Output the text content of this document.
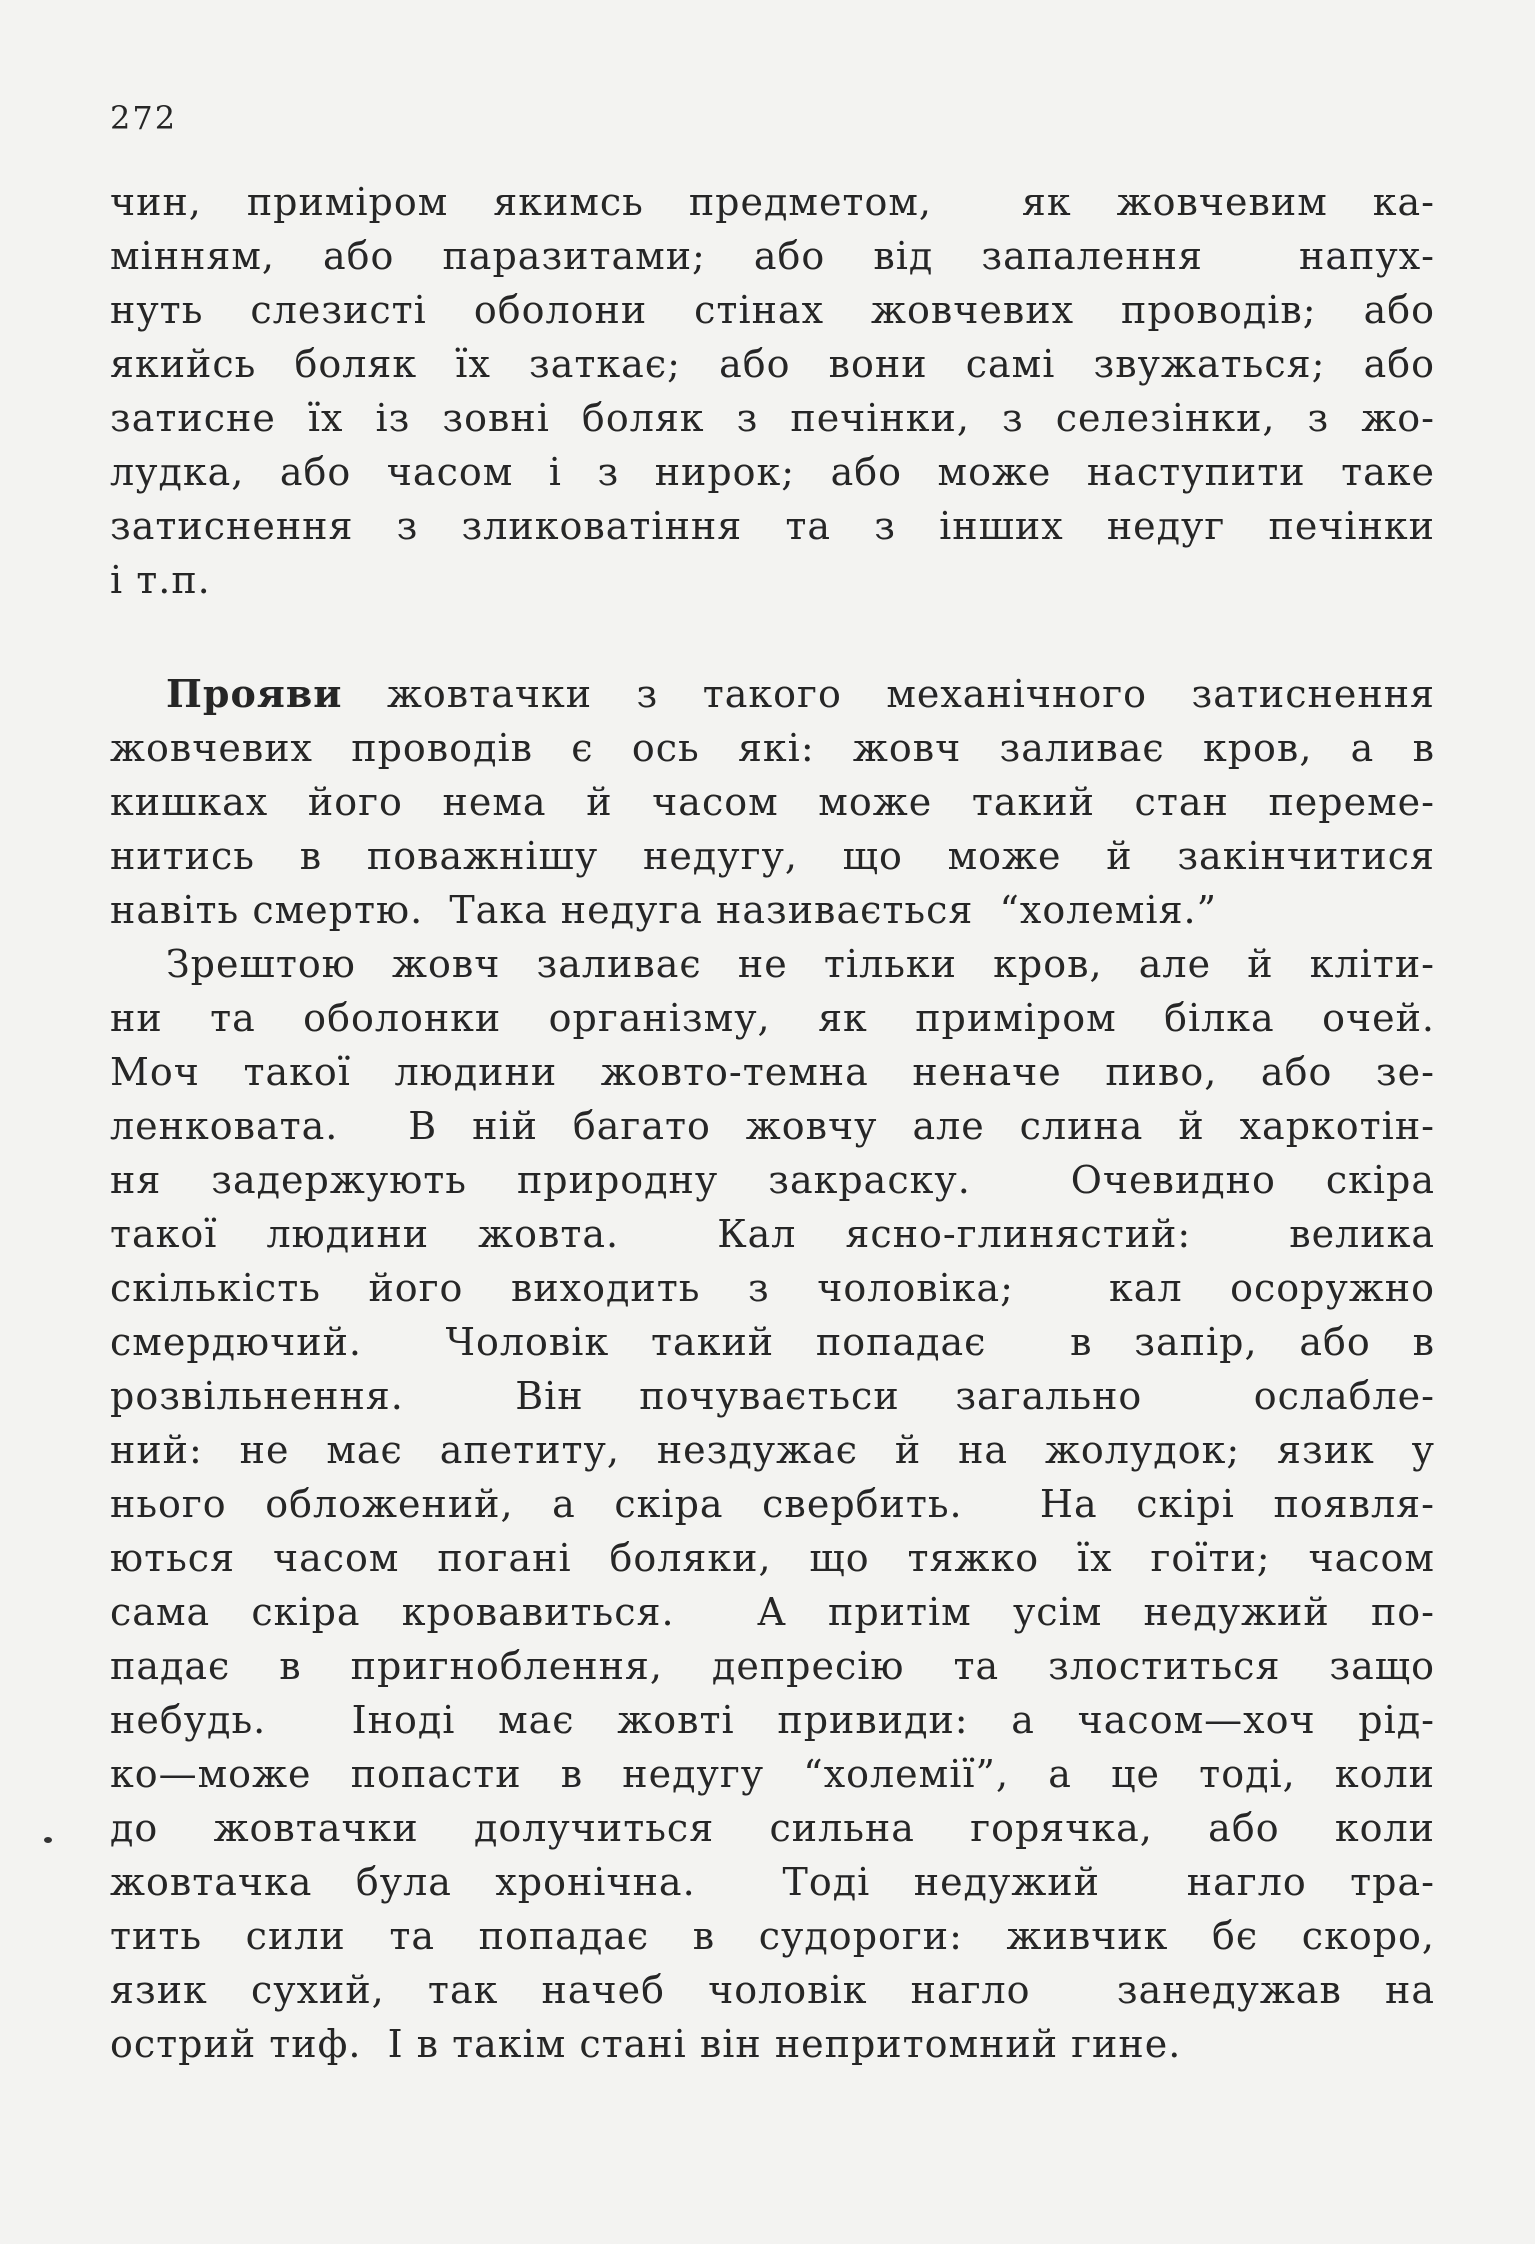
272
чин, приміром якимсь предметом,  як жовчевим ка-
мінням, або паразитами; або від запалення  напух-
нуть слезисті оболони стінах жовчевих проводів; або
якийсь боляк їх заткає; або вони самі звужаться; або
затисне їх із зовні боляк з печінки, з селезінки, з жо-
лудка, або часом і з нирок; або може наступити таке
затиснення з зликоватіння та з інших недуг печінки
і т.п.
Прояви жовтачки з такого механічного затиснення
жовчевих проводів є ось які: жовч заливає кров, а в
кишках його нема й часом може такий стан переме-
нитись в поважнішу недугу, що може й закінчитися
навіть смертю.  Така недуга називається  “холемія.”
Зрештою жовч заливає не тільки кров, але й кліти-
ни та оболонки організму, як приміром білка очей.
Моч такої людини жовто-темна неначе пиво, або зе-
ленковата.  В ній багато жовчу але слина й харкотін-
ня задержують природну закраску.  Очевидно скіра
такої людини жовта.  Кал ясно-глинястий:  велика
скількість його виходить з чоловіка;  кал осоружно
смердючий.  Чоловік такий попадає  в запір, або в
розвільнення.  Він почуваєтьси загально  ослабле-
ний: не має апетиту, нездужає й на жолудок; язик у
нього обложений, а скіра свербить.  На скірі появля-
ються часом погані боляки, що тяжко їх гоїти; часом
сама скіра кровавиться.  А притім усім недужий по-
падає в пригноблення, депресію та злоститься защо
небудь.  Іноді має жовті привиди: а часом—хоч рід-
ко—може попасти в недугу “холемії”, а це тоді, коли
до жовтачки долучиться сильна горячка, або коли
жовтачка була хронічна.  Тоді недужий  нагло тра-
тить сили та попадає в судороги: живчик бє скоро,
язик сухий, так начеб чоловік нагло  занедужав на
острий тиф.  І в такім стані він непритомний гине.
